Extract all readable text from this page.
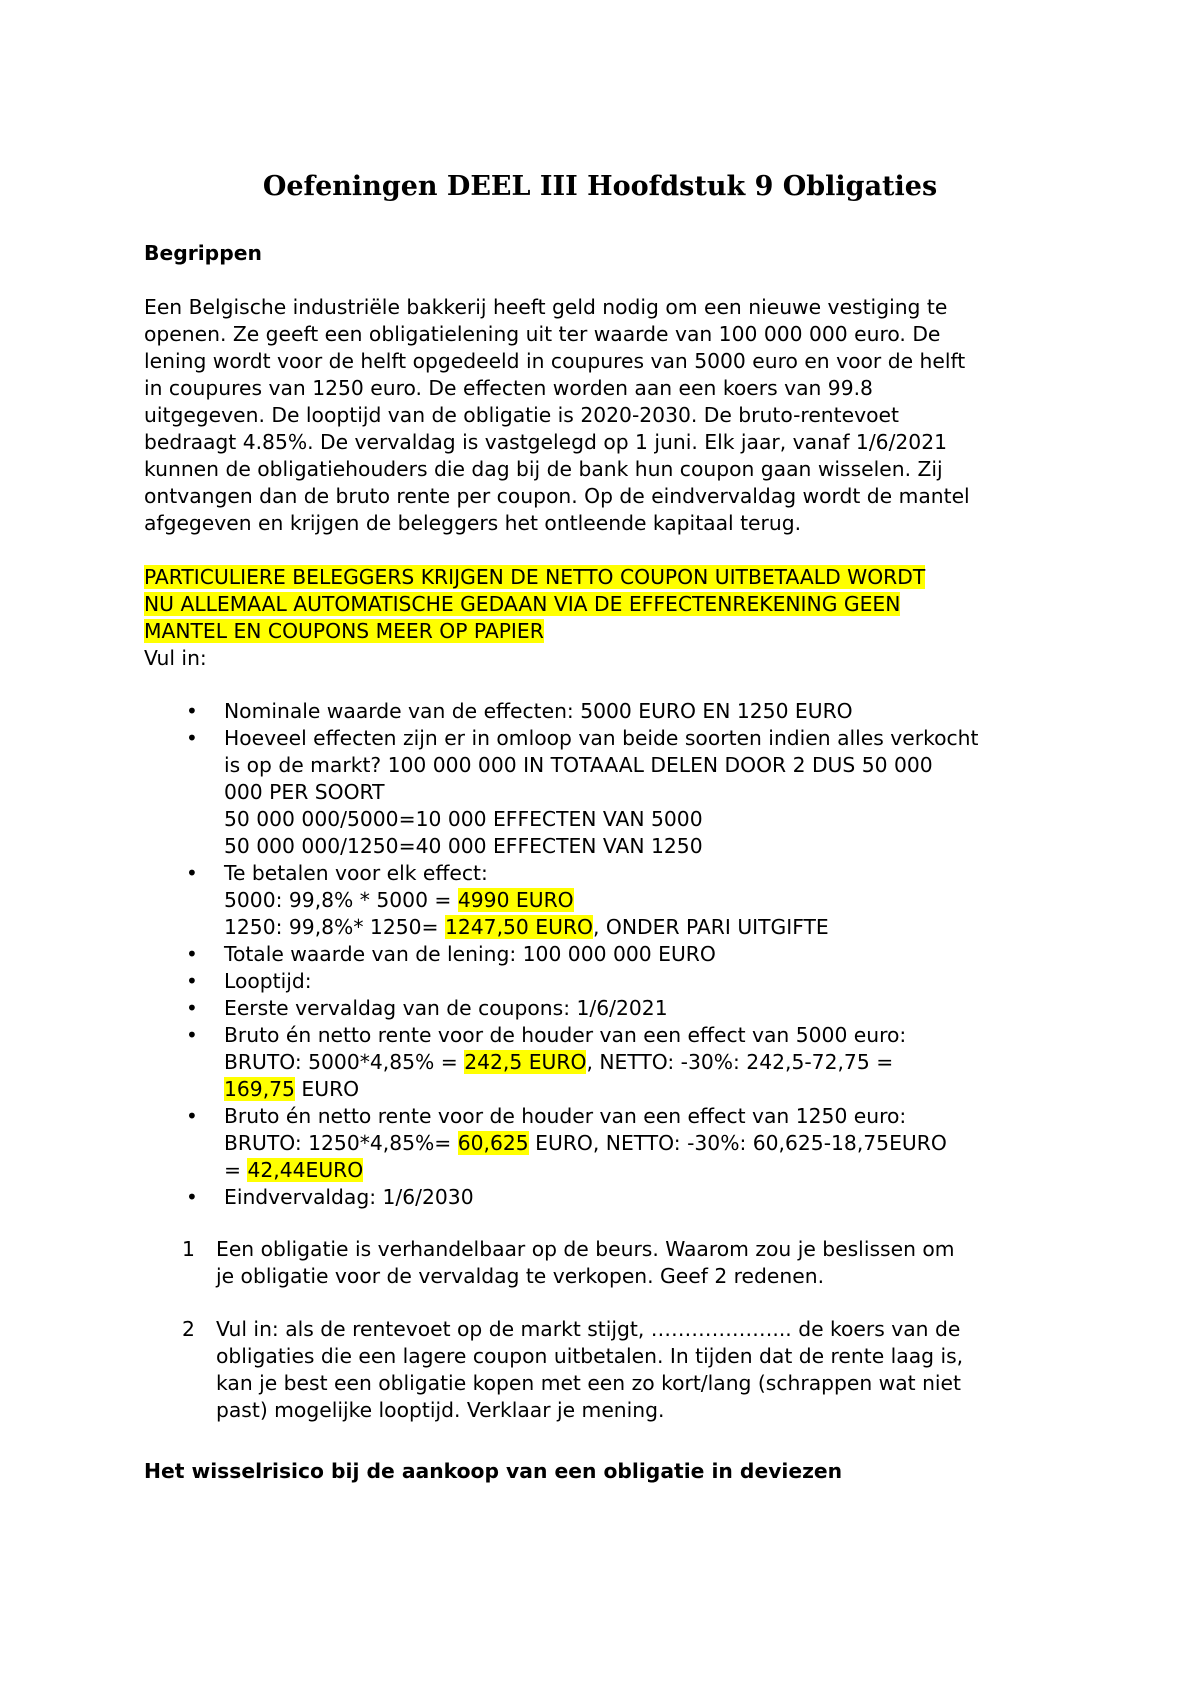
Oefeningen DEEL III Hoofdstuk 9 Obligaties
Begrippen
Een Belgische industriële bakkerij heeft geld nodig om een nieuwe vestiging te
openen. Ze geeft een obligatielening uit ter waarde van 100 000 000 euro. De
lening wordt voor de helft opgedeeld in coupures van 5000 euro en voor de helft
in coupures van 1250 euro. De effecten worden aan een koers van 99.8
uitgegeven. De looptijd van de obligatie is 2020-2030. De bruto-rentevoet
bedraagt 4.85%. De vervaldag is vastgelegd op 1 juni. Elk jaar, vanaf 1/6/2021
kunnen de obligatiehouders die dag bij de bank hun coupon gaan wisselen. Zij
ontvangen dan de bruto rente per coupon. Op de eindvervaldag wordt de mantel
afgegeven en krijgen de beleggers het ontleende kapitaal terug.
PARTICULIERE BELEGGERS KRIJGEN DE NETTO COUPON UITBETAALD WORDT
NU ALLEMAAL AUTOMATISCHE GEDAAN VIA DE EFFECTENREKENING GEEN
MANTEL EN COUPONS MEER OP PAPIER
Vul in:
• Nominale waarde van de effecten: 5000 EURO EN 1250 EURO
• Hoeveel effecten zijn er in omloop van beide soorten indien alles verkocht
is op de markt? 100 000 000 IN TOTAAAL DELEN DOOR 2 DUS 50 000
000 PER SOORT
50 000 000/5000=10 000 EFFECTEN VAN 5000
50 000 000/1250=40 000 EFFECTEN VAN 1250
• Te betalen voor elk effect:
5000: 99,8% * 5000 = 4990 EURO
1250: 99,8%* 1250= 1247,50 EURO, ONDER PARI UITGIFTE
• Totale waarde van de lening: 100 000 000 EURO
• Looptijd:
• Eerste vervaldag van de coupons: 1/6/2021
• Bruto én netto rente voor de houder van een effect van 5000 euro:
BRUTO: 5000*4,85% = 242,5 EURO, NETTO: -30%: 242,5-72,75 =
169,75 EURO
• Bruto én netto rente voor de houder van een effect van 1250 euro:
BRUTO: 1250*4,85%= 60,625 EURO, NETTO: -30%: 60,625-18,75EURO
= 42,44EURO
• Eindvervaldag: 1/6/2030
1 Een obligatie is verhandelbaar op de beurs. Waarom zou je beslissen om
je obligatie voor de vervaldag te verkopen. Geef 2 redenen.
2 Vul in: als de rentevoet op de markt stijgt, ………………... de koers van de
obligaties die een lagere coupon uitbetalen. In tijden dat de rente laag is,
kan je best een obligatie kopen met een zo kort/lang (schrappen wat niet
past) mogelijke looptijd. Verklaar je mening.
Het wisselrisico bij de aankoop van een obligatie in deviezen
